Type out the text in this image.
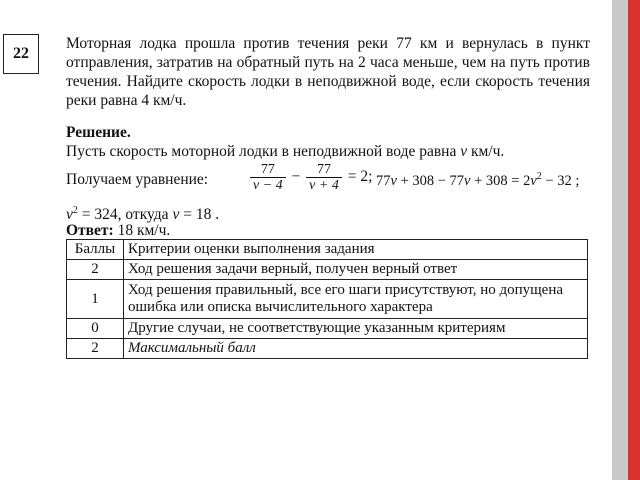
22
Моторная лодка прошла против течения реки 77 км и вернулась в пункт отправления, затратив на обратный путь на 2 часа меньше, чем на путь против течения. Найдите скорость лодки в неподвижной воде, если скорость течения реки равна 4 км/ч.
Решение.
Пусть скорость моторной лодки в неподвижной воде равна v км/ч.
Получаем уравнение:	$\frac{77}{v - 4} - \frac{77}{v + 4} = 2$; $77v + 308 - 77v + 308 = 2v^2 - 32$ ;
$v^2 = 324$, откуда v = 18 .
Ответ: 18 км/ч.
Баллы	Критерии оценки выполнения задания
2	Ход решения задачи верный, получен верный ответ
1	Ход решения правильный, все его шаги присутствуют, но допущена ошибка или описка вычислительного характера
0	Другие случаи, не соответствующие указанным критериям
2	Максимальный балл
